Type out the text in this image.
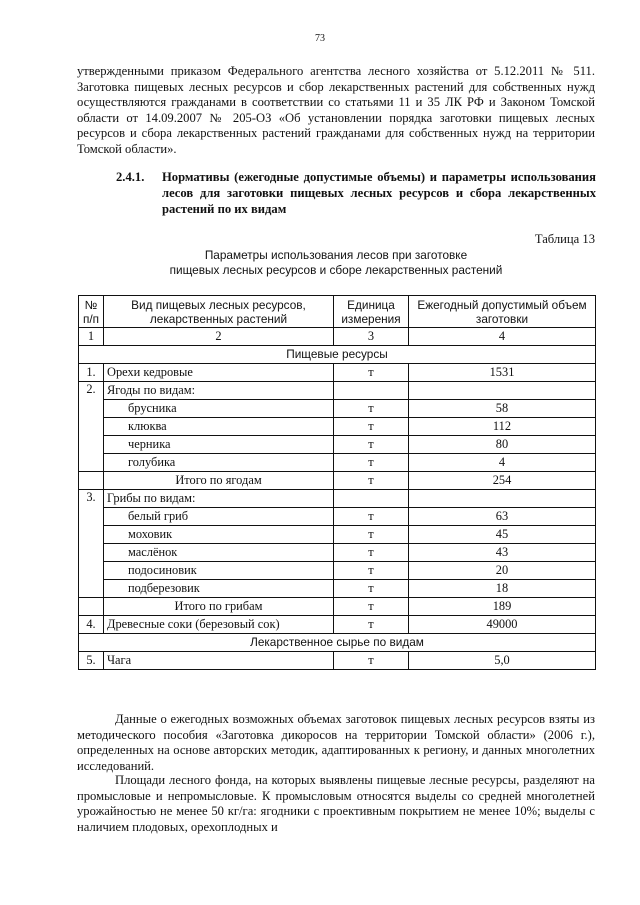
73

утвержденными приказом Федерального агентства лесного хозяйства от 5.12.2011 № 511. Заготовка пищевых лесных ресурсов и сбор лекарственных растений для собственных нужд осуществляются гражданами в соответствии со статьями 11 и 35 ЛК РФ и Законом Томской области от 14.09.2007 № 205-ОЗ «Об установлении порядка заготовки пищевых лесных ресурсов и сбора лекарственных растений гражданами для собственных нужд на территории Томской области».

2.4.1.	Нормативы (ежегодные допустимые объемы) и параметры использования лесов для заготовки пищевых лесных ресурсов и сбора лекарственных растений по их видам
Таблица 13
Параметры использования лесов при заготовке
пищевых лесных ресурсов и сборе лекарственных растений
№ п/п	Вид пищевых лесных ресурсов, лекарственных растений	Единица измерения	Ежегодный допустимый объем заготовки
1	2	3	4
Пищевые ресурсы			
1.	Орехи кедровые	т	1531
2.	Ягоды по видам:		
	брусника	т	58
	клюква	т	112
	черника	т	80
	голубика	т	4
	Итого по ягодам	т	254
3.	Грибы по видам:		
	белый гриб	т	63
	моховик	т	45
	маслёнок	т	43
	подосиновик	т	20
	подберезовик	т	18
	Итого по грибам	т	189
4.	Древесные соки (березовый сок)	т	49000
Лекарственное сырье по видам			
5.	Чага	т	5,0

Данные о ежегодных возможных объемах заготовок пищевых лесных ресурсов взяты из методического пособия «Заготовка дикоросов на территории Томской области» (2006 г.), определенных на основе авторских методик, адаптированных к региону, и данных многолетних исследований.

Площади лесного фонда, на которых выявлены пищевые лесные ресурсы, разделяют на промысловые и непромысловые. К промысловым относятся выделы со средней многолетней урожайностью не менее 50 кг/га: ягодники с проективным покрытием не менее 10%; выделы с наличием плодовых, орехоплодных и
